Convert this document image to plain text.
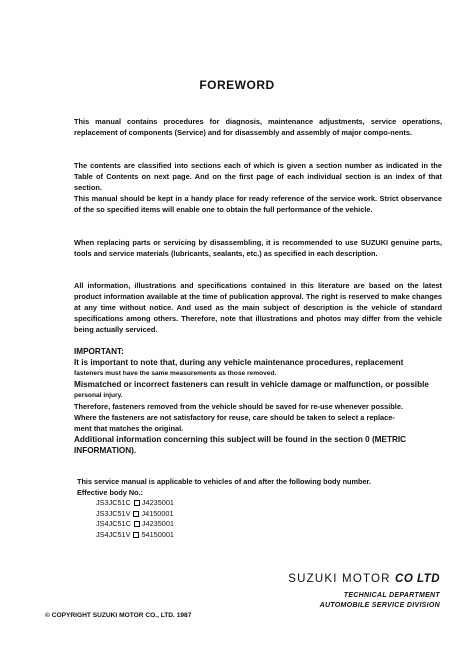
FOREWORD

This manual contains procedures for diagnosis, maintenance adjustments, service operations, replacement of components (Service) and for disassembly and assembly of major compo-nents.

The contents are classified into sections each of which is given a section number as indicated in the Table of Contents on next page. And on the first page of each individual section is an index of that section.

This manual should be kept in a handy place for ready reference of the service work. Strict observance of the so specified items will enable one to obtain the full performance of the vehicle.

When replacing parts or servicing by disassembling, it is recommended to use SUZUKI genuine parts, tools and service materials (lubricants, sealants, etc.) as specified in each description.

All information, illustrations and specifications contained in this literature are based on the latest product information available at the time of publication approval. The right is reserved to make changes at any time without notice. And used as the main subject of description is the vehicle of standard specifications among others. Therefore, note that illustrations and photos may differ from the vehicle being actually serviced.

IMPORTANT:
It is important to note that, during any vehicle maintenance procedures, replacement
fasteners must have the same measurements as those removed.
Mismatched or incorrect fasteners can result in vehicle damage or malfunction, or possible
personal injury.
Therefore, fasteners removed from the vehicle should be saved for re-use whenever possible.
Where the fasteners are not satisfactory for reuse, care should be taken to select a replace-
ment that matches the original.
Additional information concerning this subject will be found in the section 0 (METRIC
INFORMATION).
This service manual is applicable to vehicles of and after the following body number.
Effective body No.:
JS3JC51C J4235001
JS3JC51V J4150001
JS4JC51C J4235001
JS4JC51V 54150001
SUZUKI MOTOR CO LTD
TECHNICAL DEPARTMENT
AUTOMOBILE SERVICE DIVISION
© COPYRIGHT SUZUKI MOTOR CO., LTD. 1987
